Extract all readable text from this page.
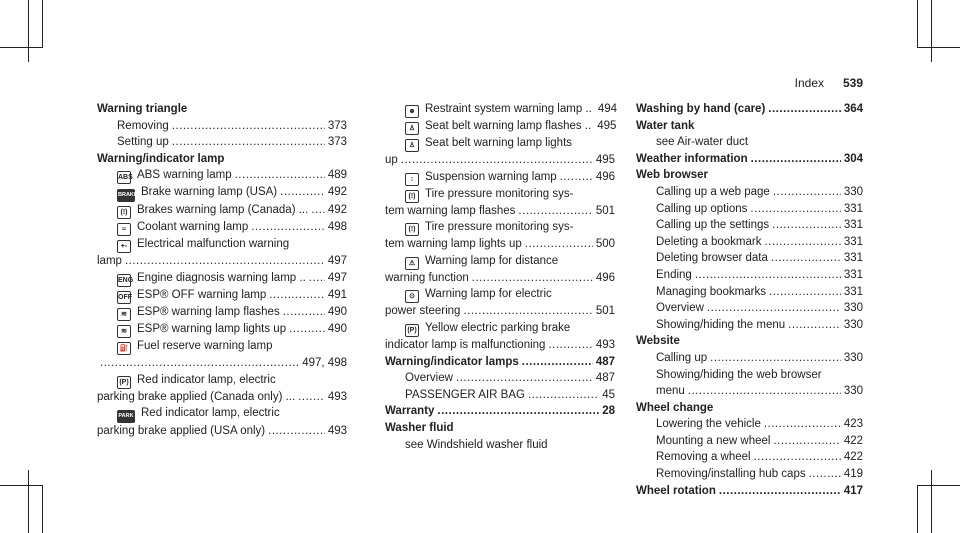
Index 539
Warning triangle
Removing .....	373
Setting up .....	373
Warning/indicator lamp
ABS ABS warning lamp .....	489
BRAKE Brake warning lamp (USA) .....	492
(!) Brakes warning lamp (Canada) ... ..... 492
≈ Coolant warning lamp .....	498
+- Electrical malfunction warning
lamp .....	497
ENG Engine diagnosis warning lamp .. ..... 497
OFF ESP® OFF warning lamp .....	491
≋ ESP® warning lamp flashes .....	490
≋ ESP® warning lamp lights up .....	490
⛽ Fuel reserve warning lamp
.....
497, 498
(P) Red indicator lamp, electric
parking brake applied (Canada only) ... .....	493
PARK Red indicator lamp, electric
parking brake applied (USA only) .....	493
☻ Restraint system warning lamp .. 494
♙ Seat belt warning lamp flashes .. 495
♙ Seat belt warning lamp lights
up .....	495
↕ Suspension warning lamp .....	496
(!) Tire pressure monitoring sys-
tem warning lamp flashes .....	501
(!) Tire pressure monitoring sys-
tem warning lamp lights up .....	500
⚠ Warning lamp for distance
warning function .....	496
⊙ Warning lamp for electric
power steering .....	501
(P) Yellow electric parking brake
indicator lamp is malfunctioning .....	493
Warning/indicator lamps .....	487
Overview .....	487
PASSENGER AIR BAG .....	45
Warranty .....	28
Washer fluid
see Windshield washer fluid
Washing by hand (care) .....	364
Water tank
see Air-water duct
Weather information .....	304
Web browser
Calling up a web page .....	330
Calling up options .....	331
Calling up the settings .....	331
Deleting a bookmark .....	331
Deleting browser data .....	331
Ending .....	331
Managing bookmarks .....	331
Overview .....	330
Showing/hiding the menu .....	330
Website
Calling up .....	330
Showing/hiding the web browser
menu .....	330
Wheel change
Lowering the vehicle .....	423
Mounting a new wheel .....	422
Removing a wheel .....	422
Removing/installing hub caps .....	419
Wheel rotation .....	417
